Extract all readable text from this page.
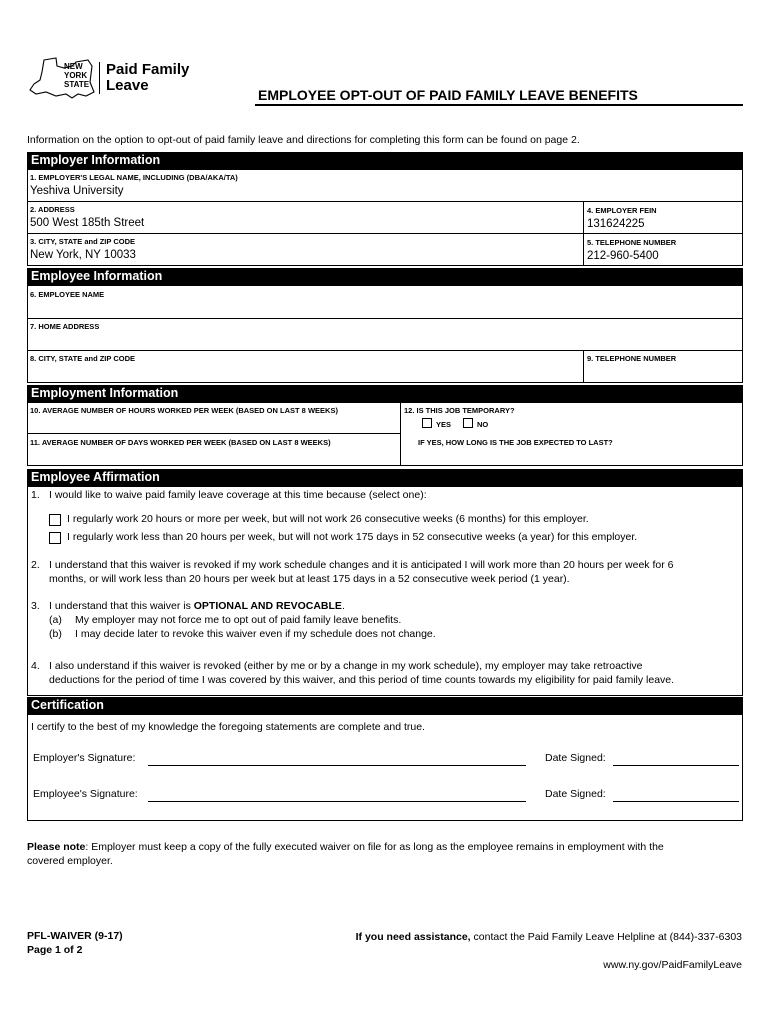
NEW
YORK
STATE
Paid Family
Leave
EMPLOYEE OPT-OUT OF PAID FAMILY LEAVE BENEFITS
Information on the option to opt-out of paid family leave and directions for completing this form can be found on page 2.
Employer Information
1. EMPLOYER'S LEGAL NAME, INCLUDING (DBA/AKA/TA)
Yeshiva University
2. ADDRESS
500 West 185th Street
4. EMPLOYER FEIN
131624225
3. CITY, STATE and ZIP CODE
New York, NY 10033
5. TELEPHONE NUMBER
212-960-5400
Employee Information
6. EMPLOYEE NAME
7. HOME ADDRESS
8. CITY, STATE and ZIP CODE	9. TELEPHONE NUMBER
Employment Information
10. AVERAGE NUMBER OF HOURS WORKED PER WEEK (BASED ON LAST 8 WEEKS)
11. AVERAGE NUMBER OF DAYS WORKED PER WEEK (BASED ON LAST 8 WEEKS)
12. IS THIS JOB TEMPORARY?
YES	NO
IF YES, HOW LONG IS THE JOB EXPECTED TO LAST?
Employee Affirmation
1. I would like to waive paid family leave coverage at this time because (select one):
I regularly work 20 hours or more per week, but will not work 26 consecutive weeks (6 months) for this employer.
I regularly work less than 20 hours per week, but will not work 175 days in 52 consecutive weeks (a year) for this employer.
2. I understand that this waiver is revoked if my work schedule changes and it is anticipated I will work more than 20 hours per week for 6
months, or will work less than 20 hours per week but at least 175 days in a 52 consecutive week period (1 year).
3. I understand that this waiver is OPTIONAL AND REVOCABLE.
(a) My employer may not force me to opt out of paid family leave benefits.
(b) I may decide later to revoke this waiver even if my schedule does not change.
4. I also understand if this waiver is revoked (either by me or by a change in my work schedule), my employer may take retroactive
deductions for the period of time I was covered by this waiver, and this period of time counts towards my eligibility for paid family leave.
Certification
I certify to the best of my knowledge the foregoing statements are complete and true.
Employer's Signature:	Date Signed:
Employee's Signature:	Date Signed:
Please note: Employer must keep a copy of the fully executed waiver on file for as long as the employee remains in employment with the
covered employer.
PFL-WAIVER (9-17)
Page 1 of 2
If you need assistance, contact the Paid Family Leave Helpline at (844)-337-6303
www.ny.gov/PaidFamilyLeave
